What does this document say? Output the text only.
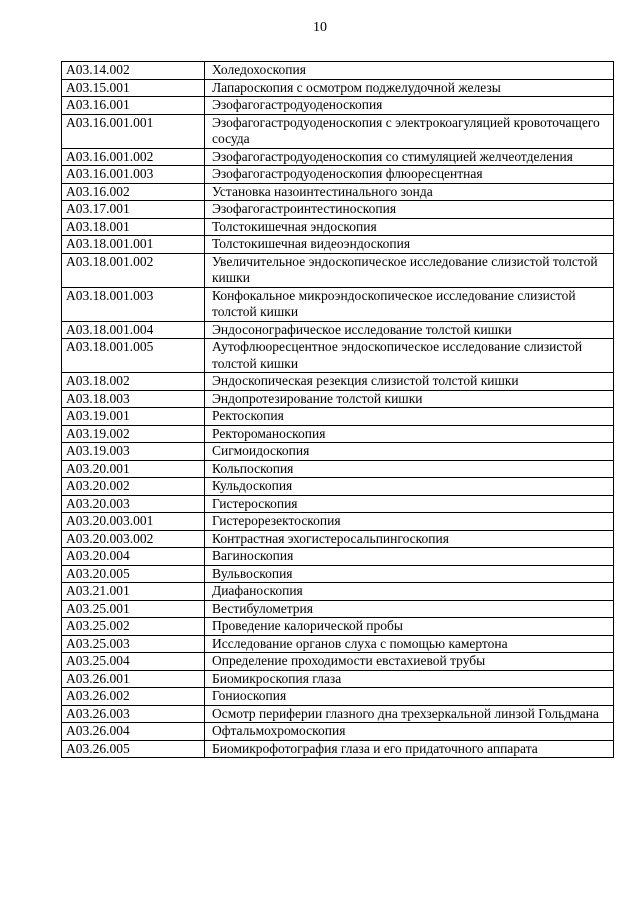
10
A03.14.002	Холедохоскопия
A03.15.001	Лапароскопия с осмотром поджелудочной железы
A03.16.001	Эзофагогастродуоденоскопия
A03.16.001.001	Эзофагогастродуоденоскопия с электрокоагуляцией кровоточащего сосуда
A03.16.001.002	Эзофагогастродуоденоскопия со стимуляцией желчеотделения
A03.16.001.003	Эзофагогастродуоденоскопия флюоресцентная
A03.16.002	Установка назоинтестинального зонда
A03.17.001	Эзофагогастроинтестиноскопия
A03.18.001	Толстокишечная эндоскопия
A03.18.001.001	Толстокишечная видеоэндоскопия
A03.18.001.002	Увеличительное эндоскопическое исследование слизистой толстой кишки
A03.18.001.003	Конфокальное микроэндоскопическое исследование слизистой толстой кишки
A03.18.001.004	Эндосонографическое исследование толстой кишки
A03.18.001.005	Аутофлюоресцентное эндоскопическое исследование слизистой толстой кишки
A03.18.002	Эндоскопическая резекция слизистой толстой кишки
A03.18.003	Эндопротезирование толстой кишки
A03.19.001	Ректоскопия
A03.19.002	Ректороманоскопия
A03.19.003	Сигмоидоскопия
A03.20.001	Кольпоскопия
A03.20.002	Кульдоскопия
A03.20.003	Гистероскопия
A03.20.003.001	Гистерорезектоскопия
A03.20.003.002	Контрастная эхогистеросальпингоскопия
A03.20.004	Вагиноскопия
A03.20.005	Вульвоскопия
A03.21.001	Диафаноскопия
A03.25.001	Вестибулометрия
A03.25.002	Проведение калорической пробы
A03.25.003	Исследование органов слуха с помощью камертона
A03.25.004	Определение проходимости евстахиевой трубы
A03.26.001	Биомикроскопия глаза
A03.26.002	Гониоскопия
A03.26.003	Осмотр периферии глазного дна трехзеркальной линзой Гольдмана
A03.26.004	Офтальмохромоскопия
A03.26.005	Биомикрофотография глаза и его придаточного аппарата
